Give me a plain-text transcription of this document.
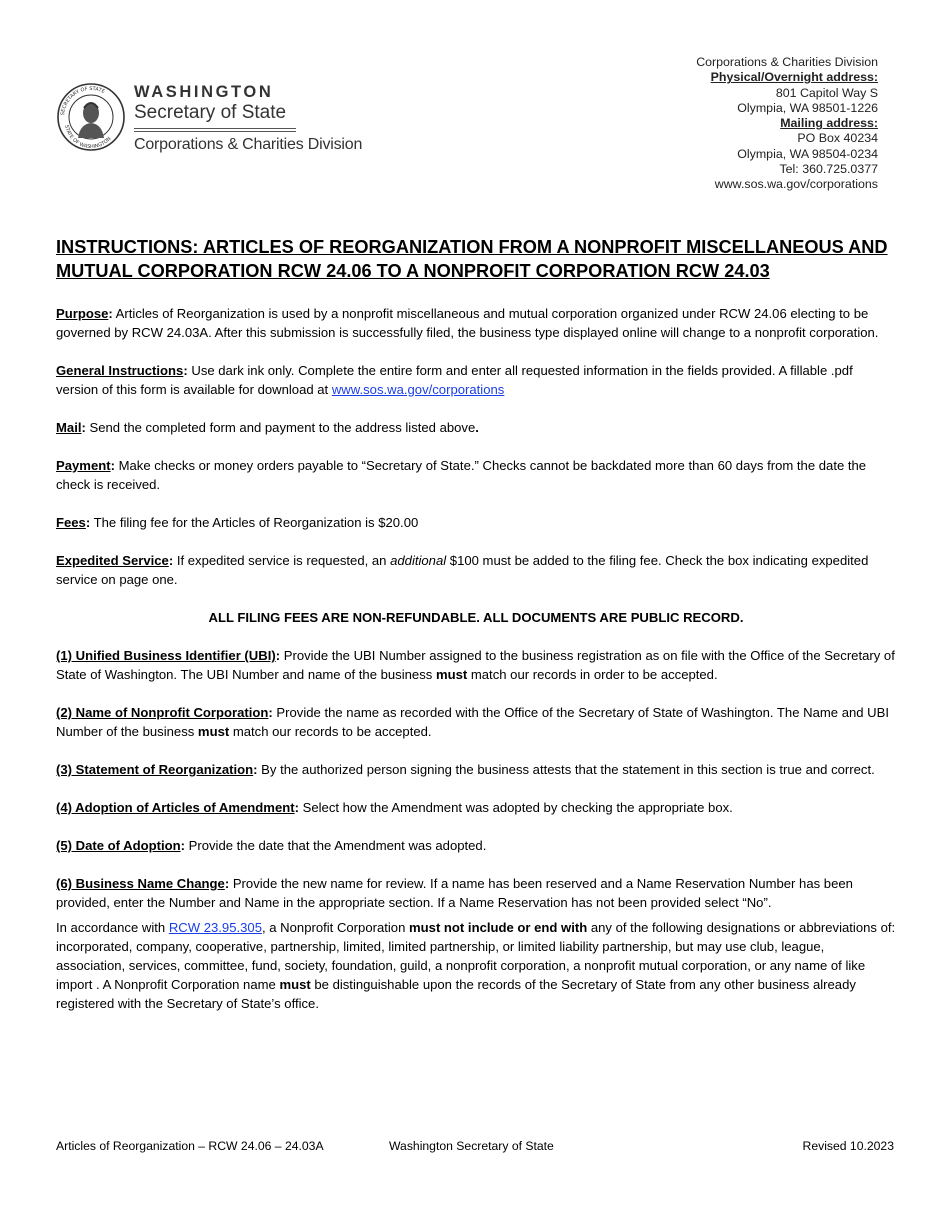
SECRETARY OF STATE
STATE OF WASHINGTON
WASHINGTON
Secretary of State
Corporations & Charities Division
Corporations & Charities Division
Physical/Overnight address:
801 Capitol Way S
Olympia, WA 98501-1226
Mailing address:
PO Box 40234
Olympia, WA 98504-0234
Tel: 360.725.0377
www.sos.wa.gov/corporations
INSTRUCTIONS: ARTICLES OF REORGANIZATION FROM A NONPROFIT MISCELLANEOUS AND MUTUAL CORPORATION RCW 24.06 TO A NONPROFIT CORPORATION RCW 24.03

Purpose: Articles of Reorganization is used by a nonprofit miscellaneous and mutual corporation organized under RCW 24.06 electing to be governed by RCW 24.03A. After this submission is successfully filed, the business type displayed online will change to a nonprofit corporation.

General Instructions: Use dark ink only. Complete the entire form and enter all requested information in the fields provided. A fillable .pdf version of this form is available for download at www.sos.wa.gov/corporations

Mail: Send the completed form and payment to the address listed above.

Payment: Make checks or money orders payable to “Secretary of State.” Checks cannot be backdated more than 60 days from the date the check is received.

Fees: The filing fee for the Articles of Reorganization is $20.00

Expedited Service: If expedited service is requested, an additional $100 must be added to the filing fee. Check the box indicating expedited service on page one.

ALL FILING FEES ARE NON-REFUNDABLE. ALL DOCUMENTS ARE PUBLIC RECORD.

(1) Unified Business Identifier (UBI): Provide the UBI Number assigned to the business registration as on file with the Office of the Secretary of State of Washington. The UBI Number and name of the business must match our records in order to be accepted.

(2) Name of Nonprofit Corporation: Provide the name as recorded with the Office of the Secretary of State of Washington. The Name and UBI Number of the business must match our records to be accepted.

(3) Statement of Reorganization: By the authorized person signing the business attests that the statement in this section is true and correct.

(4) Adoption of Articles of Amendment: Select how the Amendment was adopted by checking the appropriate box.

(5) Date of Adoption: Provide the date that the Amendment was adopted.

(6) Business Name Change: Provide the new name for review. If a name has been reserved and a Name Reservation Number has been provided, enter the Number and Name in the appropriate section. If a Name Reservation has not been provided select “No”.

In accordance with RCW 23.95.305, a Nonprofit Corporation must not include or end with any of the following designations or abbreviations of: incorporated, company, cooperative, partnership, limited, limited partnership, or limited liability partnership, but may use club, league, association, services, committee, fund, society, foundation, guild, a nonprofit corporation, a nonprofit mutual corporation, or any name of like import . A Nonprofit Corporation name must be distinguishable upon the records of the Secretary of State from any other business already registered with the Secretary of State’s office.

Articles of Reorganization – RCW 24.06 – 24.03A	Washington Secretary of State	Revised 10.2023
